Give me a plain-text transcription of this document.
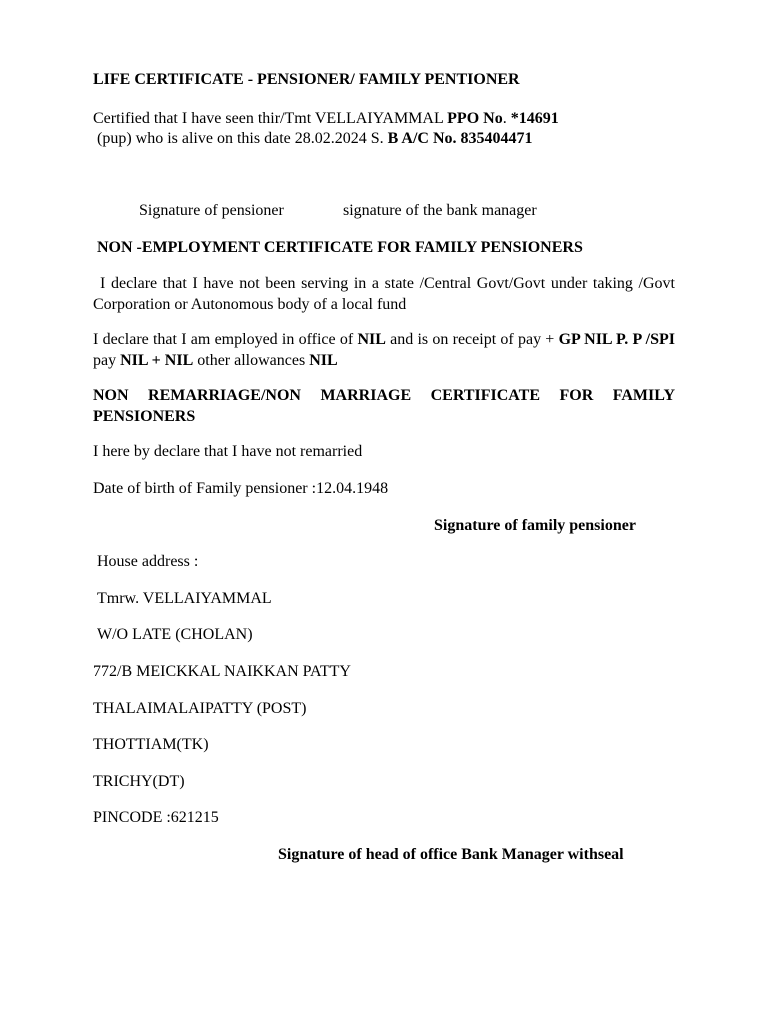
LIFE CERTIFICATE - PENSIONER/ FAMILY PENTIONER
Certified that I have seen thir/Tmt VELLAIYAMMAL PPO No. *14691
(pup) who is alive on this date 28.02.2024 S. B A/C No. 835404471
Signature of pensioner	signature of the bank manager
NON -EMPLOYMENT CERTIFICATE FOR FAMILY PENSIONERS
I declare that I have not been serving in a state /Central Govt/Govt under taking /Govt Corporation or Autonomous body of a local fund
I declare that I am employed in office of NIL and is on receipt of pay + GP NIL P. P /SPI pay NIL + NIL other allowances NIL
NON REMARRIAGE/NON MARRIAGE CERTIFICATE FOR FAMILY PENSIONERS
I here by declare that I have not remarried
Date of birth of Family pensioner :12.04.1948
Signature of family pensioner
House address :
Tmrw. VELLAIYAMMAL
W/O LATE (CHOLAN)
772/B MEICKKAL NAIKKAN PATTY
THALAIMALAIPATTY (POST)
THOTTIAM(TK)
TRICHY(DT)
PINCODE :621215
Signature of head of office Bank Manager withseal
